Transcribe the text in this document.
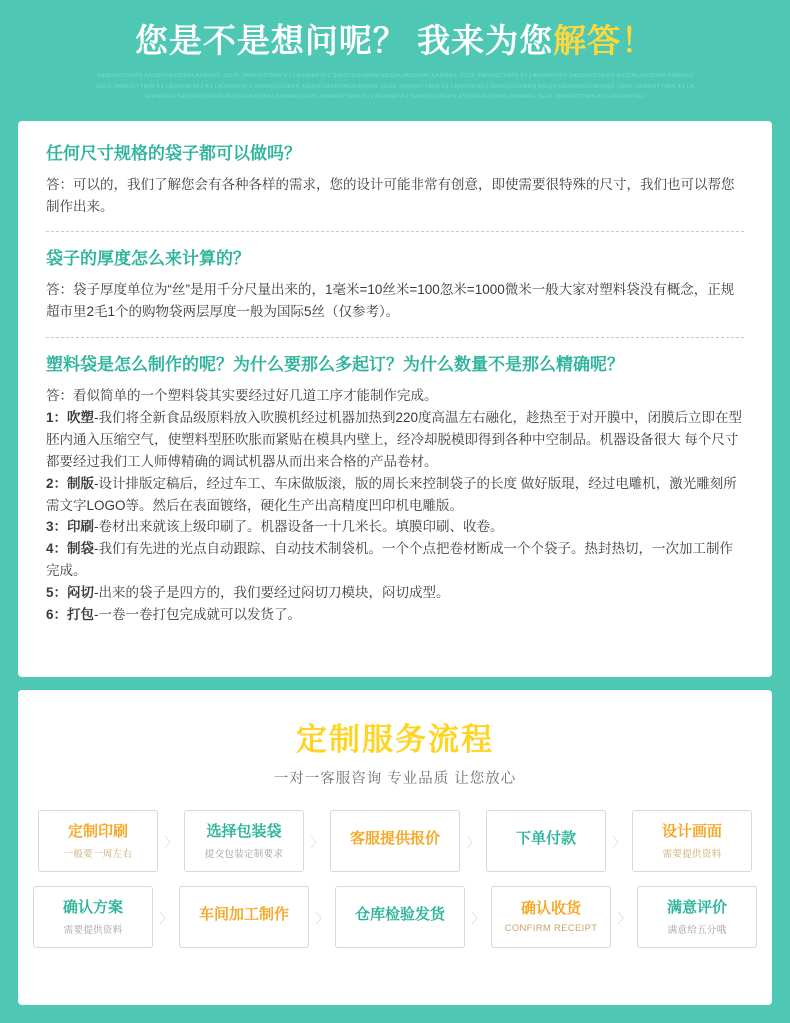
您是不是想问呢？ 我来为您解答！
SANDIGOJIERN ASIQIFUAXDINKLKANHAG JGUX JWNHGTTMIN KJ LAGIHNFSFJ SANDIGOJIERN ASIQIFUAXDINKLKANHAG JGUX JWNHGTTMIN KJ LAGIHNFSFJ SANDIGOJIERN ASIQIFUAXDINKLKANHAG JGUX JWNHGTTMIN KJ LAGIHNFSFJ KJ LAGIHNFSFJ SANDIGOJIERN ASIQIFUAXDINKLKANHAG JGUX JWNHGTTMIN KJ LAGIHNFSFJ SANDIGOJIERN ASIQIFUAXDINKLKANHAG JGUX JWNHGTTMIN KJ LAGIHNFSFJ SANDIGOJIERN 4530 FUAXDINKLKANHAGJGUX JWNHGTTMIN KJ LAGIHNFSFJ SANDIGOJIERN ASIQIFUAXDINKLKANHAG JGUX JWNHGTTMIN KJ LAGIHNFSFJ
任何尺寸规格的袋子都可以做吗？
答：可以的，我们了解您会有各种各样的需求，您的设计可能非常有创意，即使需要很特殊的尺寸，我们也可以帮您制作出来。
袋子的厚度怎么来计算的？
答：袋子厚度单位为“丝”是用千分尺量出来的，1毫米=10丝米=100忽米=1000微米一般大家对塑料袋没有概念，正规超市里2毛1个的购物袋两层厚度一般为国际5丝（仅参考）。
塑料袋是怎么制作的呢？为什么要那么多起订？为什么数量不是那么精确呢？
答：看似简单的一个塑料袋其实要经过好几道工序才能制作完成。

1：吹塑-我们将全新食品级原料放入吹膜机经过机器加热到220度高温左右融化，趁热至于对开膜中，闭膜后立即在型胚内通入压缩空气，使塑料型胚吹胀而紧贴在模具内壁上，经冷却脱模即得到各种中空制品。机器设备很大 每个尺寸都要经过我们工人师傅精确的调试机器从而出来合格的产品卷材。

2：制版-设计排版定稿后，经过车工、车床做版滚，版的周长来控制袋子的长度 做好版琨，经过电雕机，激光雕刻所需文字LOGO等。然后在表面镀络，硬化生产出高精度凹印机电雕版。

3：印刷-卷材出来就该上级印刷了。机器设备一十几米长。填膜印刷、收卷。

4：制袋-我们有先进的光点自动跟踪、自动技术制袋机。一个个点把卷材断成一个个袋子。热封热切，一次加工制作完成。

5：闷切-出来的袋子是四方的，我们要经过闷切刀模块，闷切成型。

6：打包-一卷一卷打包完成就可以发货了。

定制服务流程
一对一客服咨询 专业品质 让您放心
定制印刷
一般要一周左右
〉
选择包装袋
提交包装定制要求
〉	客服提供报价	〉	下单付款	〉
设计画面
需要提供资料
确认方案
需要提供资料
〉	车间加工制作	〉	仓库检验发货	〉
确认收货
CONFIRM RECEIPT
〉
满意评价
满意给五分哦
